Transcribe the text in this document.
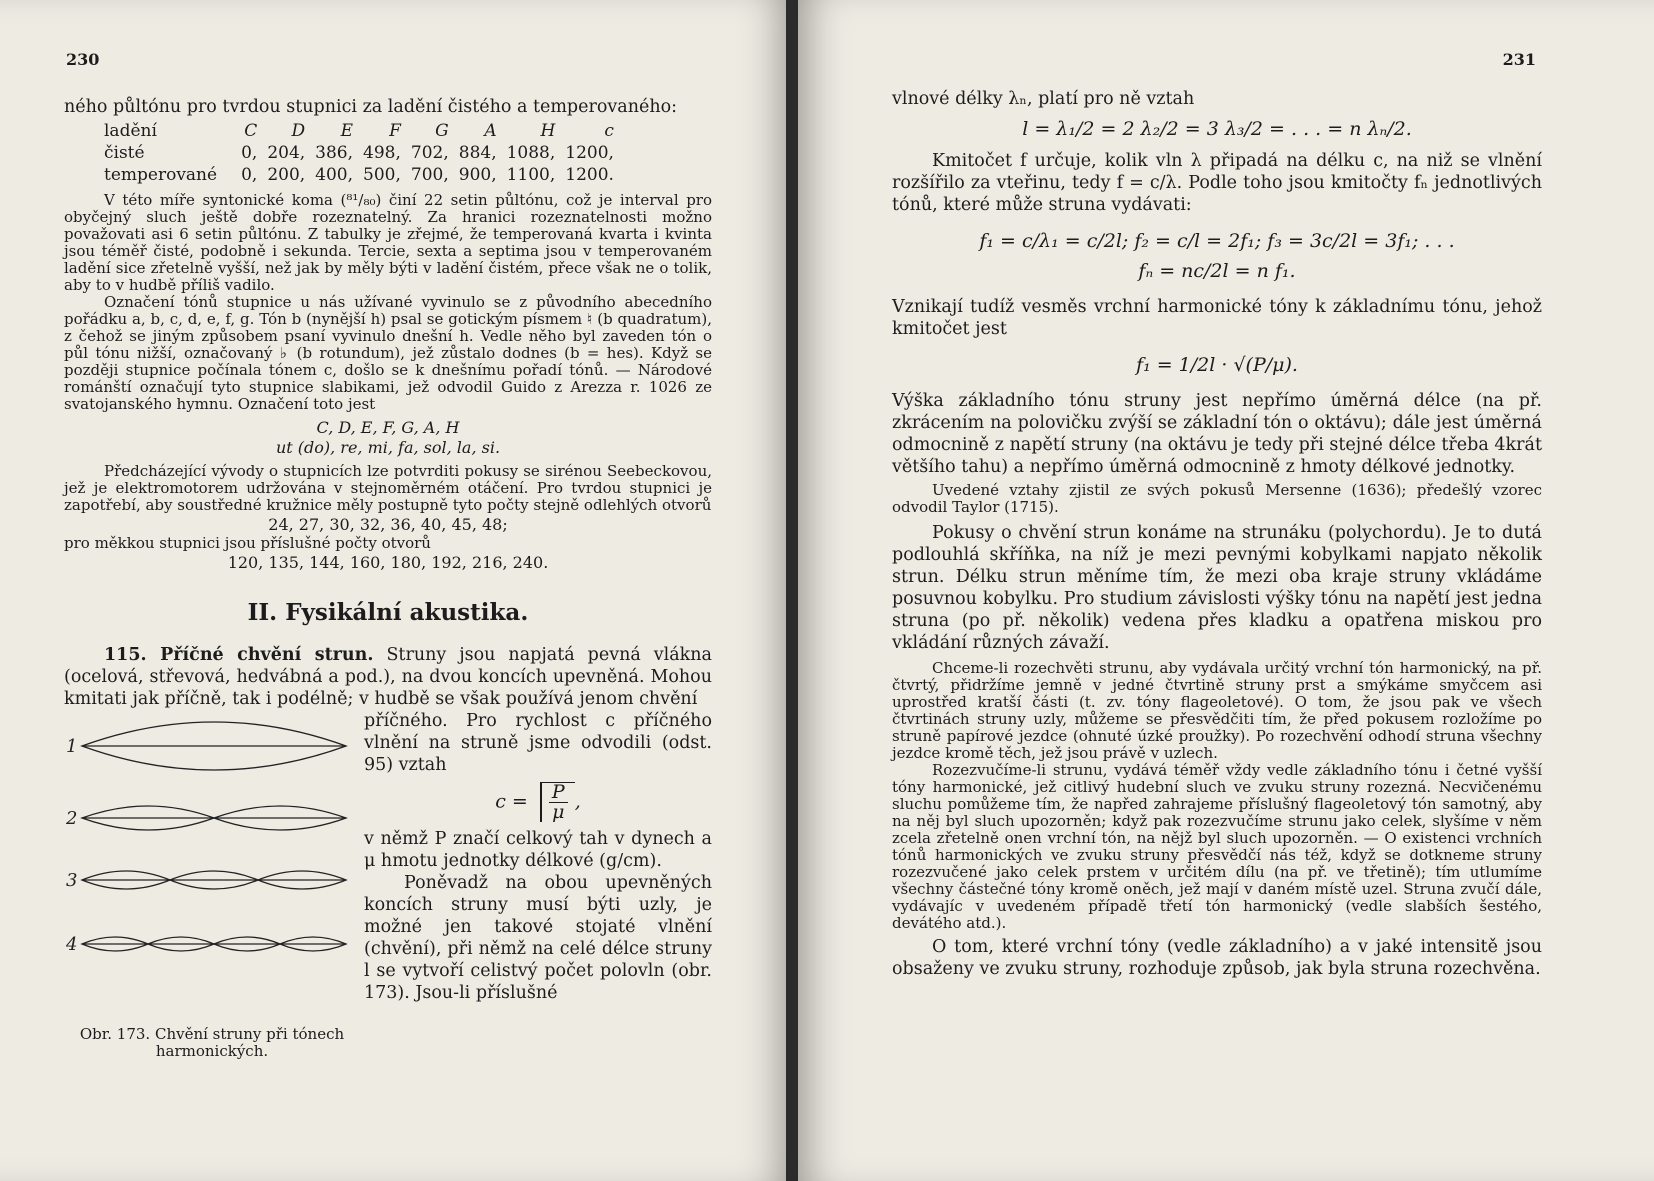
230

ného půltónu pro tvrdou stupnici za ladění čistého a temperovaného:

ladění	C	D	E	F	G	A	H	c
čisté	0,	204,	386,	498,	702,	884,	1088,	1200,
temperované	0,	200,	400,	500,	700,	900,	1100,	1200.

V této míře syntonické koma (⁸¹/₈₀) činí 22 setin půltónu, což je interval pro obyčejný sluch ještě dobře rozeznatelný. Za hranici rozeznatelnosti možno považovati asi 6 setin půltónu. Z tabulky je zřejmé, že temperovaná kvarta i kvinta jsou téměř čisté, podobně i sekunda. Tercie, sexta a septima jsou v temperovaném ladění sice zřetelně vyšší, než jak by měly býti v ladění čistém, přece však ne o tolik, aby to v hudbě příliš vadilo.

Označení tónů stupnice u nás užívané vyvinulo se z původního abecedního pořádku a, b, c, d, e, f, g. Tón b (nynější h) psal se gotickým písmem ♮ (b quadratum), z čehož se jiným způsobem psaní vyvinulo dnešní h. Vedle něho byl zaveden tón o půl tónu nižší, označovaný ♭ (b rotundum), jež zůstalo dodnes (b = hes). Když se později stupnice počínala tónem c, došlo se k dnešnímu pořadí tónů. — Národové románští označují tyto stupnice slabikami, jež odvodil Guido z Arezza r. 1026 ze svatojanského hymnu. Označení toto jest

C, D, E, F, G, A, H
ut (do), re, mi, fa, sol, la, si.

Předcházející vývody o stupnicích lze potvrditi pokusy se sirénou Seebeckovou, jež je elektromotorem udržována v stejnoměrném otáčení. Pro tvrdou stupnici je zapotřebí, aby soustředné kružnice měly postupně tyto počty stejně odlehlých otvorů

24, 27, 30, 32, 36, 40, 45, 48;

pro měkkou stupnici jsou příslušné počty otvorů

120, 135, 144, 160, 180, 192, 216, 240.
II. Fysikální akustika.

115. Příčné chvění strun. Struny jsou napjatá pevná vlákna (ocelová, střevová, hedvábná a pod.), na dvou koncích upevněná. Mohou kmitati jak příčně, tak i podélně; v hudbě se však používá jenom chvění

1
2
3
4
Obr. 173. Chvění struny při tónech harmonických.

příčného. Pro rychlost c příčného vlnění na struně jsme odvodili (odst. 95) vztah

$c = \frac{P}{\mu}$ ,

v němž P značí celkový tah v dynech a μ hmotu jednotky délkové (g/cm).

Poněvadž na obou upevněných koncích struny musí býti uzly, je možné jen takové stojaté vlnění (chvění), při němž na celé délce struny l se vytvoří celistvý počet polovln (obr. 173). Jsou-li příslušné

231

vlnové délky λₙ, platí pro ně vztah

l = λ₁/2 = 2 λ₂/2 = 3 λ₃/2 = . . . = n λₙ/2.

Kmitočet f určuje, kolik vln λ připadá na délku c, na niž se vlnění rozšířilo za vteřinu, tedy f = c/λ. Podle toho jsou kmitočty fₙ jednotlivých tónů, které může struna vydávati:

f₁ = c/λ₁ = c/2l; f₂ = c/l = 2f₁; f₃ = 3c/2l = 3f₁; . . .
fₙ = nc/2l = n f₁.

Vznikají tudíž vesměs vrchní harmonické tóny k základnímu tónu, jehož kmitočet jest

f₁ = 1/2l · √(P/μ).

Výška základního tónu struny jest nepřímo úměrná délce (na př. zkrácením na polovičku zvýší se základní tón o oktávu); dále jest úměrná odmocnině z napětí struny (na oktávu je tedy při stejné délce třeba 4krát většího tahu) a nepřímo úměrná odmocnině z hmoty délkové jednotky.

Uvedené vztahy zjistil ze svých pokusů Mersenne (1636); předešlý vzorec odvodil Taylor (1715).

Pokusy o chvění strun konáme na strunáku (polychordu). Je to dutá podlouhlá skříňka, na níž je mezi pevnými kobylkami napjato několik strun. Délku strun měníme tím, že mezi oba kraje struny vkládáme posuvnou kobylku. Pro studium závislosti výšky tónu na napětí jest jedna struna (po př. několik) vedena přes kladku a opatřena miskou pro vkládání různých závaží.

Chceme-li rozechvěti strunu, aby vydávala určitý vrchní tón harmonický, na př. čtvrtý, přidržíme jemně v jedné čtvrtině struny prst a smýkáme smyčcem asi uprostřed kratší části (t. zv. tóny flageoletové). O tom, že jsou pak ve všech čtvrtinách struny uzly, můžeme se přesvědčiti tím, že před pokusem rozložíme po struně papírové jezdce (ohnuté úzké proužky). Po rozechvění odhodí struna všechny jezdce kromě těch, jež jsou právě v uzlech.

Rozezvučíme-li strunu, vydává téměř vždy vedle základního tónu i četné vyšší tóny harmonické, jež citlivý hudební sluch ve zvuku struny rozezná. Necvičenému sluchu pomůžeme tím, že napřed zahrajeme příslušný flageoletový tón samotný, aby na něj byl sluch upozorněn; když pak rozezvučíme strunu jako celek, slyšíme v něm zcela zřetelně onen vrchní tón, na nějž byl sluch upozorněn. — O existenci vrchních tónů harmonických ve zvuku struny přesvědčí nás též, když se dotkneme struny rozezvučené jako celek prstem v určitém dílu (na př. ve třetině); tím utlumíme všechny částečné tóny kromě oněch, jež mají v daném místě uzel. Struna zvučí dále, vydávajíc v uvedeném případě třetí tón harmonický (vedle slabších šestého, devátého atd.).

O tom, které vrchní tóny (vedle základního) a v jaké intensitě jsou obsaženy ve zvuku struny, rozhoduje způsob, jak byla struna rozechvěna.
